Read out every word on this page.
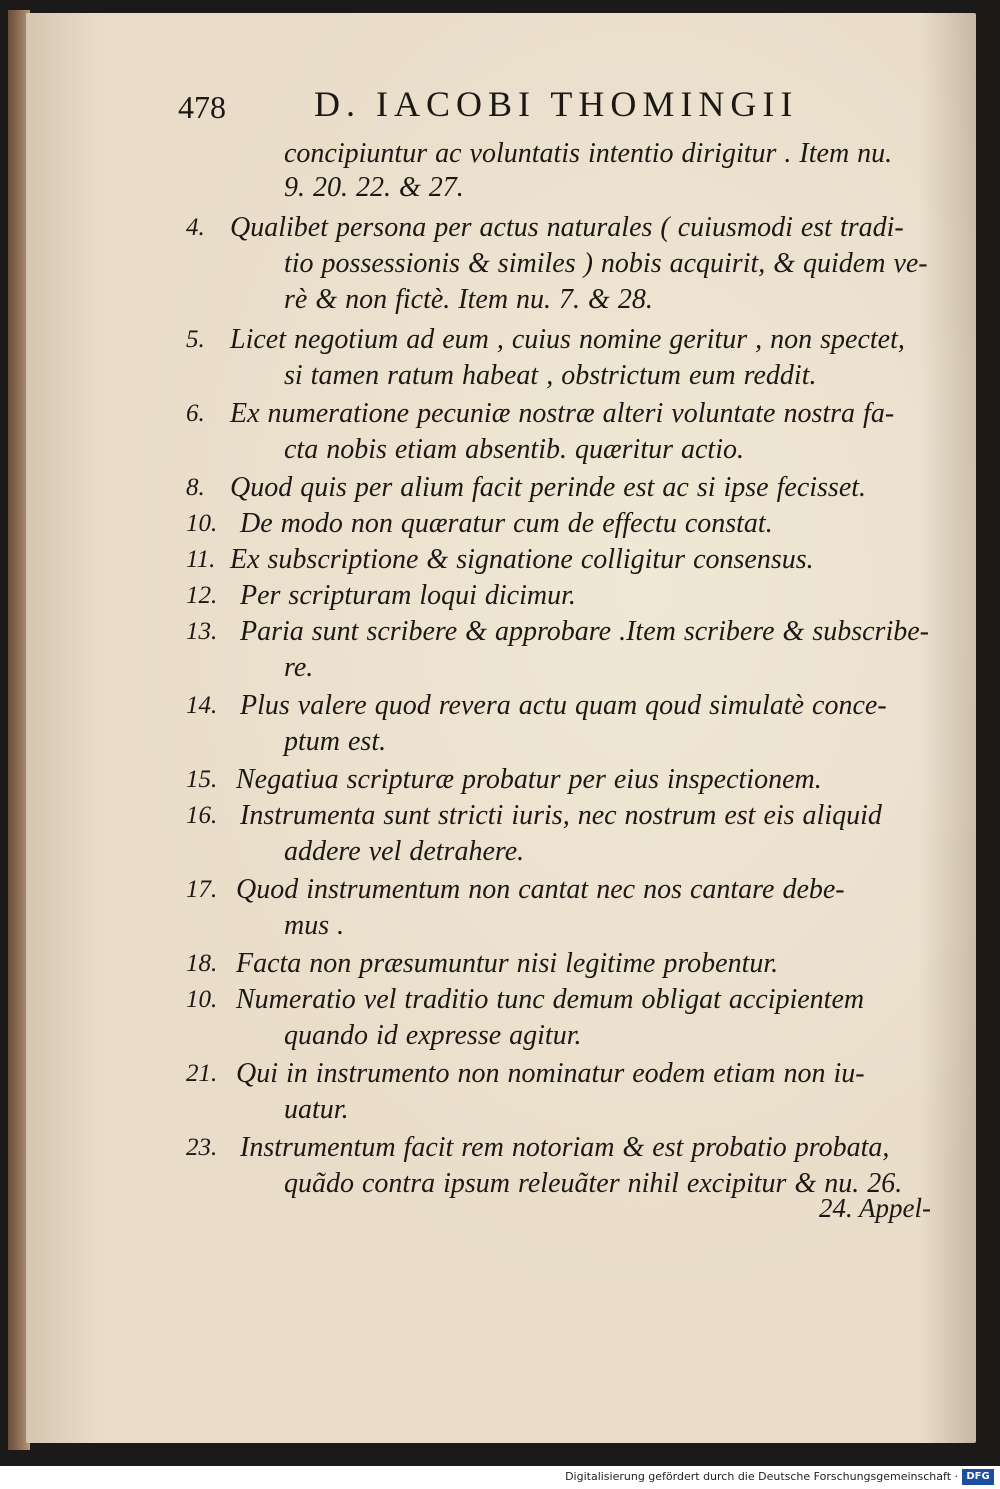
478 D. IACOBI THOMINGII
concipiuntur ac voluntatis intentio dirigitur . Item nu.
9. 20. 22. & 27.
4. Qualibet persona per actus naturales ( cuiusmodi est tradi-
tio possessionis & similes ) nobis acquirit, & quidem ve-
rè & non fictè. Item nu. 7. & 28.
5. Licet negotium ad eum , cuius nomine geritur , non spectet,
si tamen ratum habeat , obstrictum eum reddit.
6. Ex numeratione pecuniæ nostræ alteri voluntate nostra fa-
cta nobis etiam absentib. quæritur actio.
8. Quod quis per alium facit perinde est ac si ipse fecisset.
10. De modo non quæratur cum de effectu constat.
11. Ex subscriptione & signatione colligitur consensus.
12. Per scripturam loqui dicimur.
13. Paria sunt scribere & approbare .Item scribere & subscribe-
re.
14. Plus valere quod revera actu quam qoud simulatè conce-
ptum est.
15. Negatiua scripturæ probatur per eius inspectionem.
16. Instrumenta sunt stricti iuris, nec nostrum est eis aliquid
addere vel detrahere.
17. Quod instrumentum non cantat nec nos cantare debe-
mus .
18. Facta non præsumuntur nisi legitime probentur.
10. Numeratio vel traditio tunc demum obligat accipientem
quando id expresse agitur.
21. Qui in instrumento non nominatur eodem etiam non iu-
uatur.
23. Instrumentum facit rem notoriam & est probatio probata,
quãdo contra ipsum releuãter nihil excipitur & nu. 26.
24. Appel-
Digitalisierung gefördert durch die Deutsche Forschungsgemeinschaft · DFG
